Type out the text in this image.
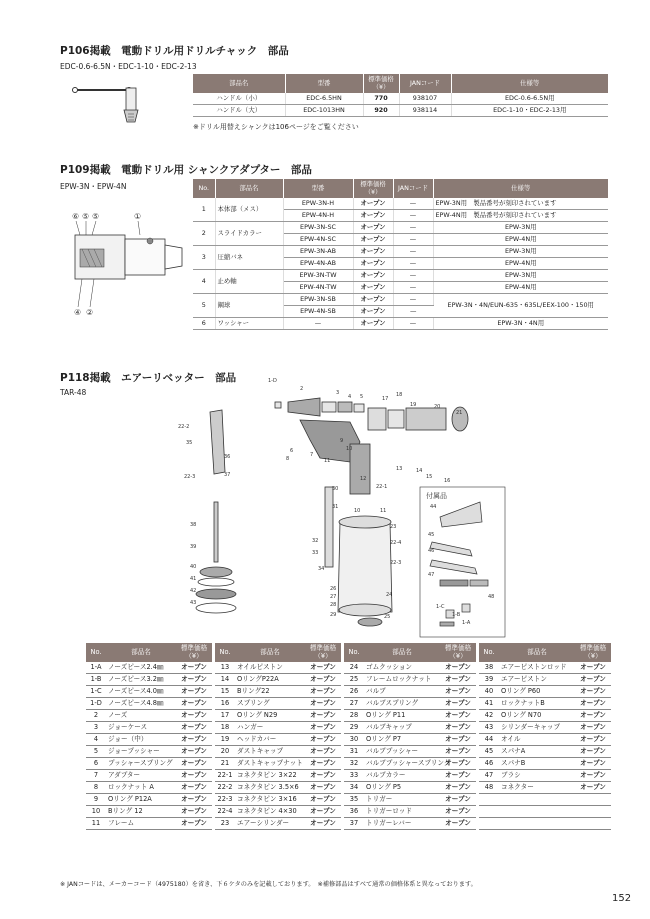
P106掲載　電動ドリル用ドリルチャック　部品
EDC-0.6-6.5N・EDC-1-10・EDC-2-13
部品名	型番	標準価格
（¥）	JANコード	仕様等
ハンドル（小）	EDC-6.5HN	770	938107	EDC-0.6-6.5N用
ハンドル（大）	EDC-1013HN	920	938114	EDC-1-10・EDC-2-13用
※ドリル用替えシャンクは106ページをご覧ください
P109掲載　電動ドリル用 シャンクアダプター　部品
EPW-3N・EPW-4N
⑥ ⑤ ⑤	①
④ ②
No.	部品名	型番	標準価格
（¥）	JANコード	仕様等
1	本体部（メス）	EPW-3N-H	オープン	—	EPW-3N用　製品番号が刻印されています
		EPW-4N-H	オープン	—	EPW-4N用　製品番号が刻印されています
2	スライドカラー	EPW-3N-SC	オープン	—	EPW-3N用
		EPW-4N-SC	オープン	—	EPW-4N用
3	圧縮バネ	EPW-3N-AB	オープン	—	EPW-3N用
		EPW-4N-AB	オープン	—	EPW-4N用
4	止め軸	EPW-3N-TW	オープン	—	EPW-3N用
		EPW-4N-TW	オープン	—	EPW-4N用
5	鋼球	EPW-3N-SB	オープン	—	EPW-3N・4N/EUN-635・635L/EEX-100・150用
		EPW-4N-SB	オープン	—	
6	ワッシャー	—	オープン	—	EPW-3N・4N用
P118掲載　エアーリベッター　部品
TAR-48
付属品
1-D
2
3
4 5	17
18
19	20
21
22-2
35
36
22-3	37
6
7
8
9
10
11
12
13	14
15
16
22-1
30
31
32
33
34
38
39
40
41
42
43
10	11
23
22-4
22-3
26
27
28
29
24
25
44
45
46
47
48
1-C
1-B
1-A
No.	部品名	標準価格
（¥）		No.	部品名	標準価格
（¥）		No.	部品名	標準価格
（¥）		No.	部品名	標準価格
（¥）
1-A	ノーズピース2.4㎜	オープン		13	オイルピストン	オープン		24	ゴムクッション	オープン		38	エアーピストンロッド	オープン
1-B	ノーズピース3.2㎜	オープン		14	OリングP22A	オープン		25	フレームロックナット	オープン		39	エアーピストン	オープン
1-C	ノーズピース4.0㎜	オープン		15	Bリング22	オープン		26	バルブ	オープン		40	Oリング P60	オープン
1-D	ノーズピース4.8㎜	オープン		16	スプリング	オープン		27	バルブスプリング	オープン		41	ロックナットB	オープン
2	ノーズ	オープン		17	Oリング N29	オープン		28	Oリング P11	オープン		42	Oリング N70	オープン
3	ジョーケース	オープン		18	ハンガー	オープン		29	バルブキャップ	オープン		43	シリンダーキャップ	オープン
4	ジョー（中）	オープン		19	ヘッドカバー	オープン		30	Oリング P7	オープン		44	オイル	オープン
5	ジョープッシャー	オープン		20	ダストキャップ	オープン		31	バルブプッシャー	オープン		45	スパナA	オープン
6	プッシャースプリング	オープン		21	ダストキャップナット	オープン		32	バルブプッシャースプリング	オープン		46	スパナB	オープン
7	アダプター	オープン		22-1	コネクタピン 3×22	オープン		33	バルブカラー	オープン		47	ブラシ	オープン
8	ロックナット A	オープン		22-2	コネクタピン 3.5×6	オープン		34	Oリング P5	オープン		48	コネクター	オープン
9	Oリング P12A	オープン		22-3	コネクタピン 3×16	オープン		35	トリガー	オープン				
10	Bリング 12	オープン		22-4	コネクタピン 4×30	オープン		36	トリガーロッド	オープン				
11	フレーム	オープン		23	エアーシリンダー	オープン		37	トリガーレバー	オープン				
※ JANコードは、メーカーコード（4975180）を省き、下６ケタのみを記載しております。　※補修部品はすべて通常の価格体系と異なっております。
152
